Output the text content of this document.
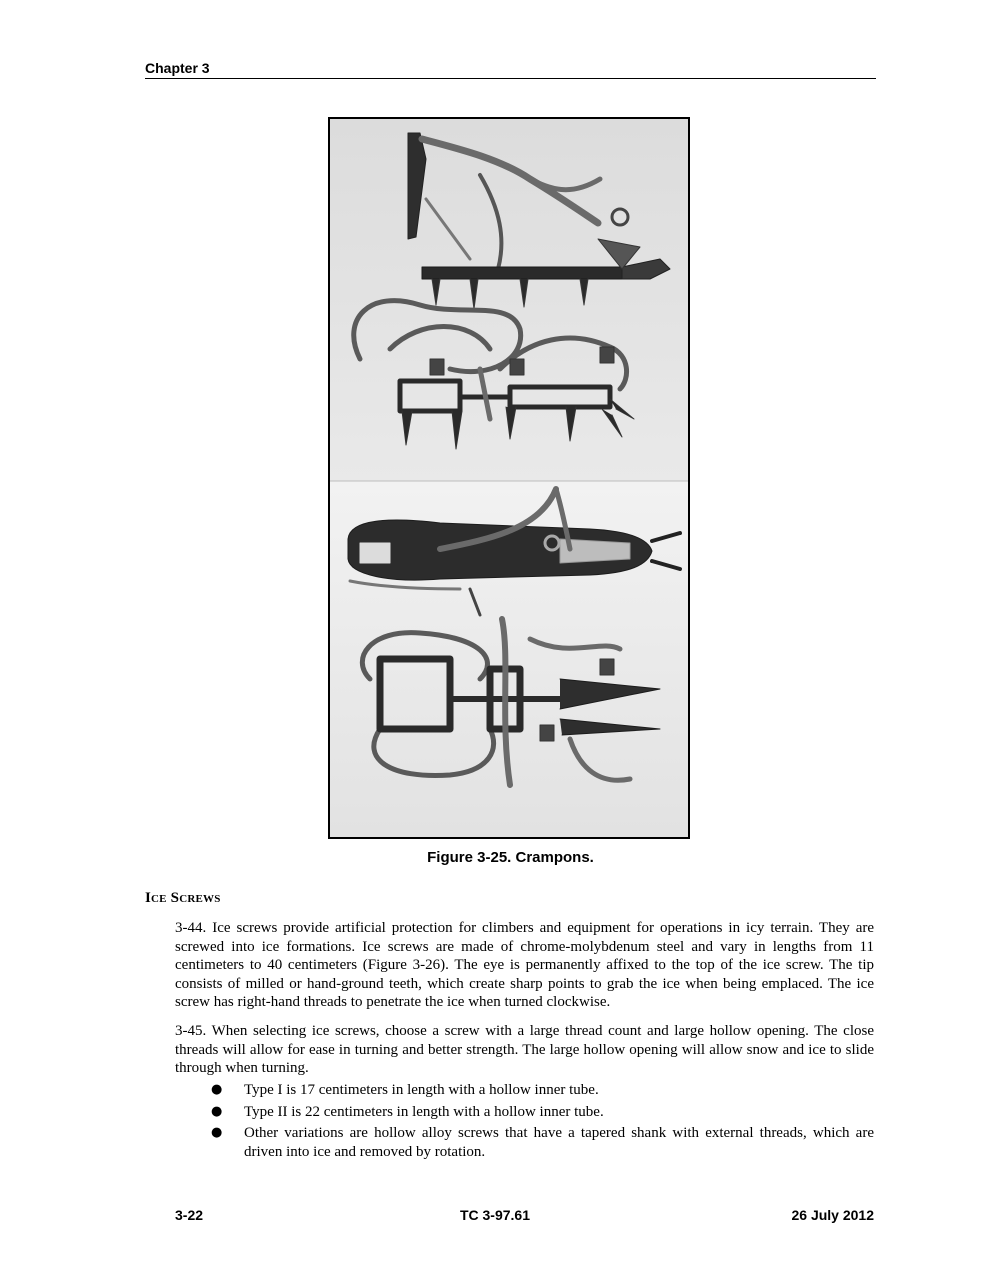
Chapter 3
Figure 3-25. Crampons.
Ice Screws

3-44. Ice screws provide artificial protection for climbers and equipment for operations in icy terrain. They are screwed into ice formations. Ice screws are made of chrome-molybdenum steel and vary in lengths from 11 centimeters to 40 centimeters (Figure 3-26). The eye is permanently affixed to the top of the ice screw. The tip consists of milled or hand-ground teeth, which create sharp points to grab the ice when being emplaced. The ice screw has right-hand threads to penetrate the ice when turned clockwise.

3-45. When selecting ice screws, choose a screw with a large thread count and large hollow opening. The close threads will allow for ease in turning and better strength. The large hollow opening will allow snow and ice to slide through when turning.

● Type I is 17 centimeters in length with a hollow inner tube.
● Type II is 22 centimeters in length with a hollow inner tube.
● Other variations are hollow alloy screws that have a tapered shank with external threads, which are driven into ice and removed by rotation.
3-22	TC 3-97.61	26 July 2012
